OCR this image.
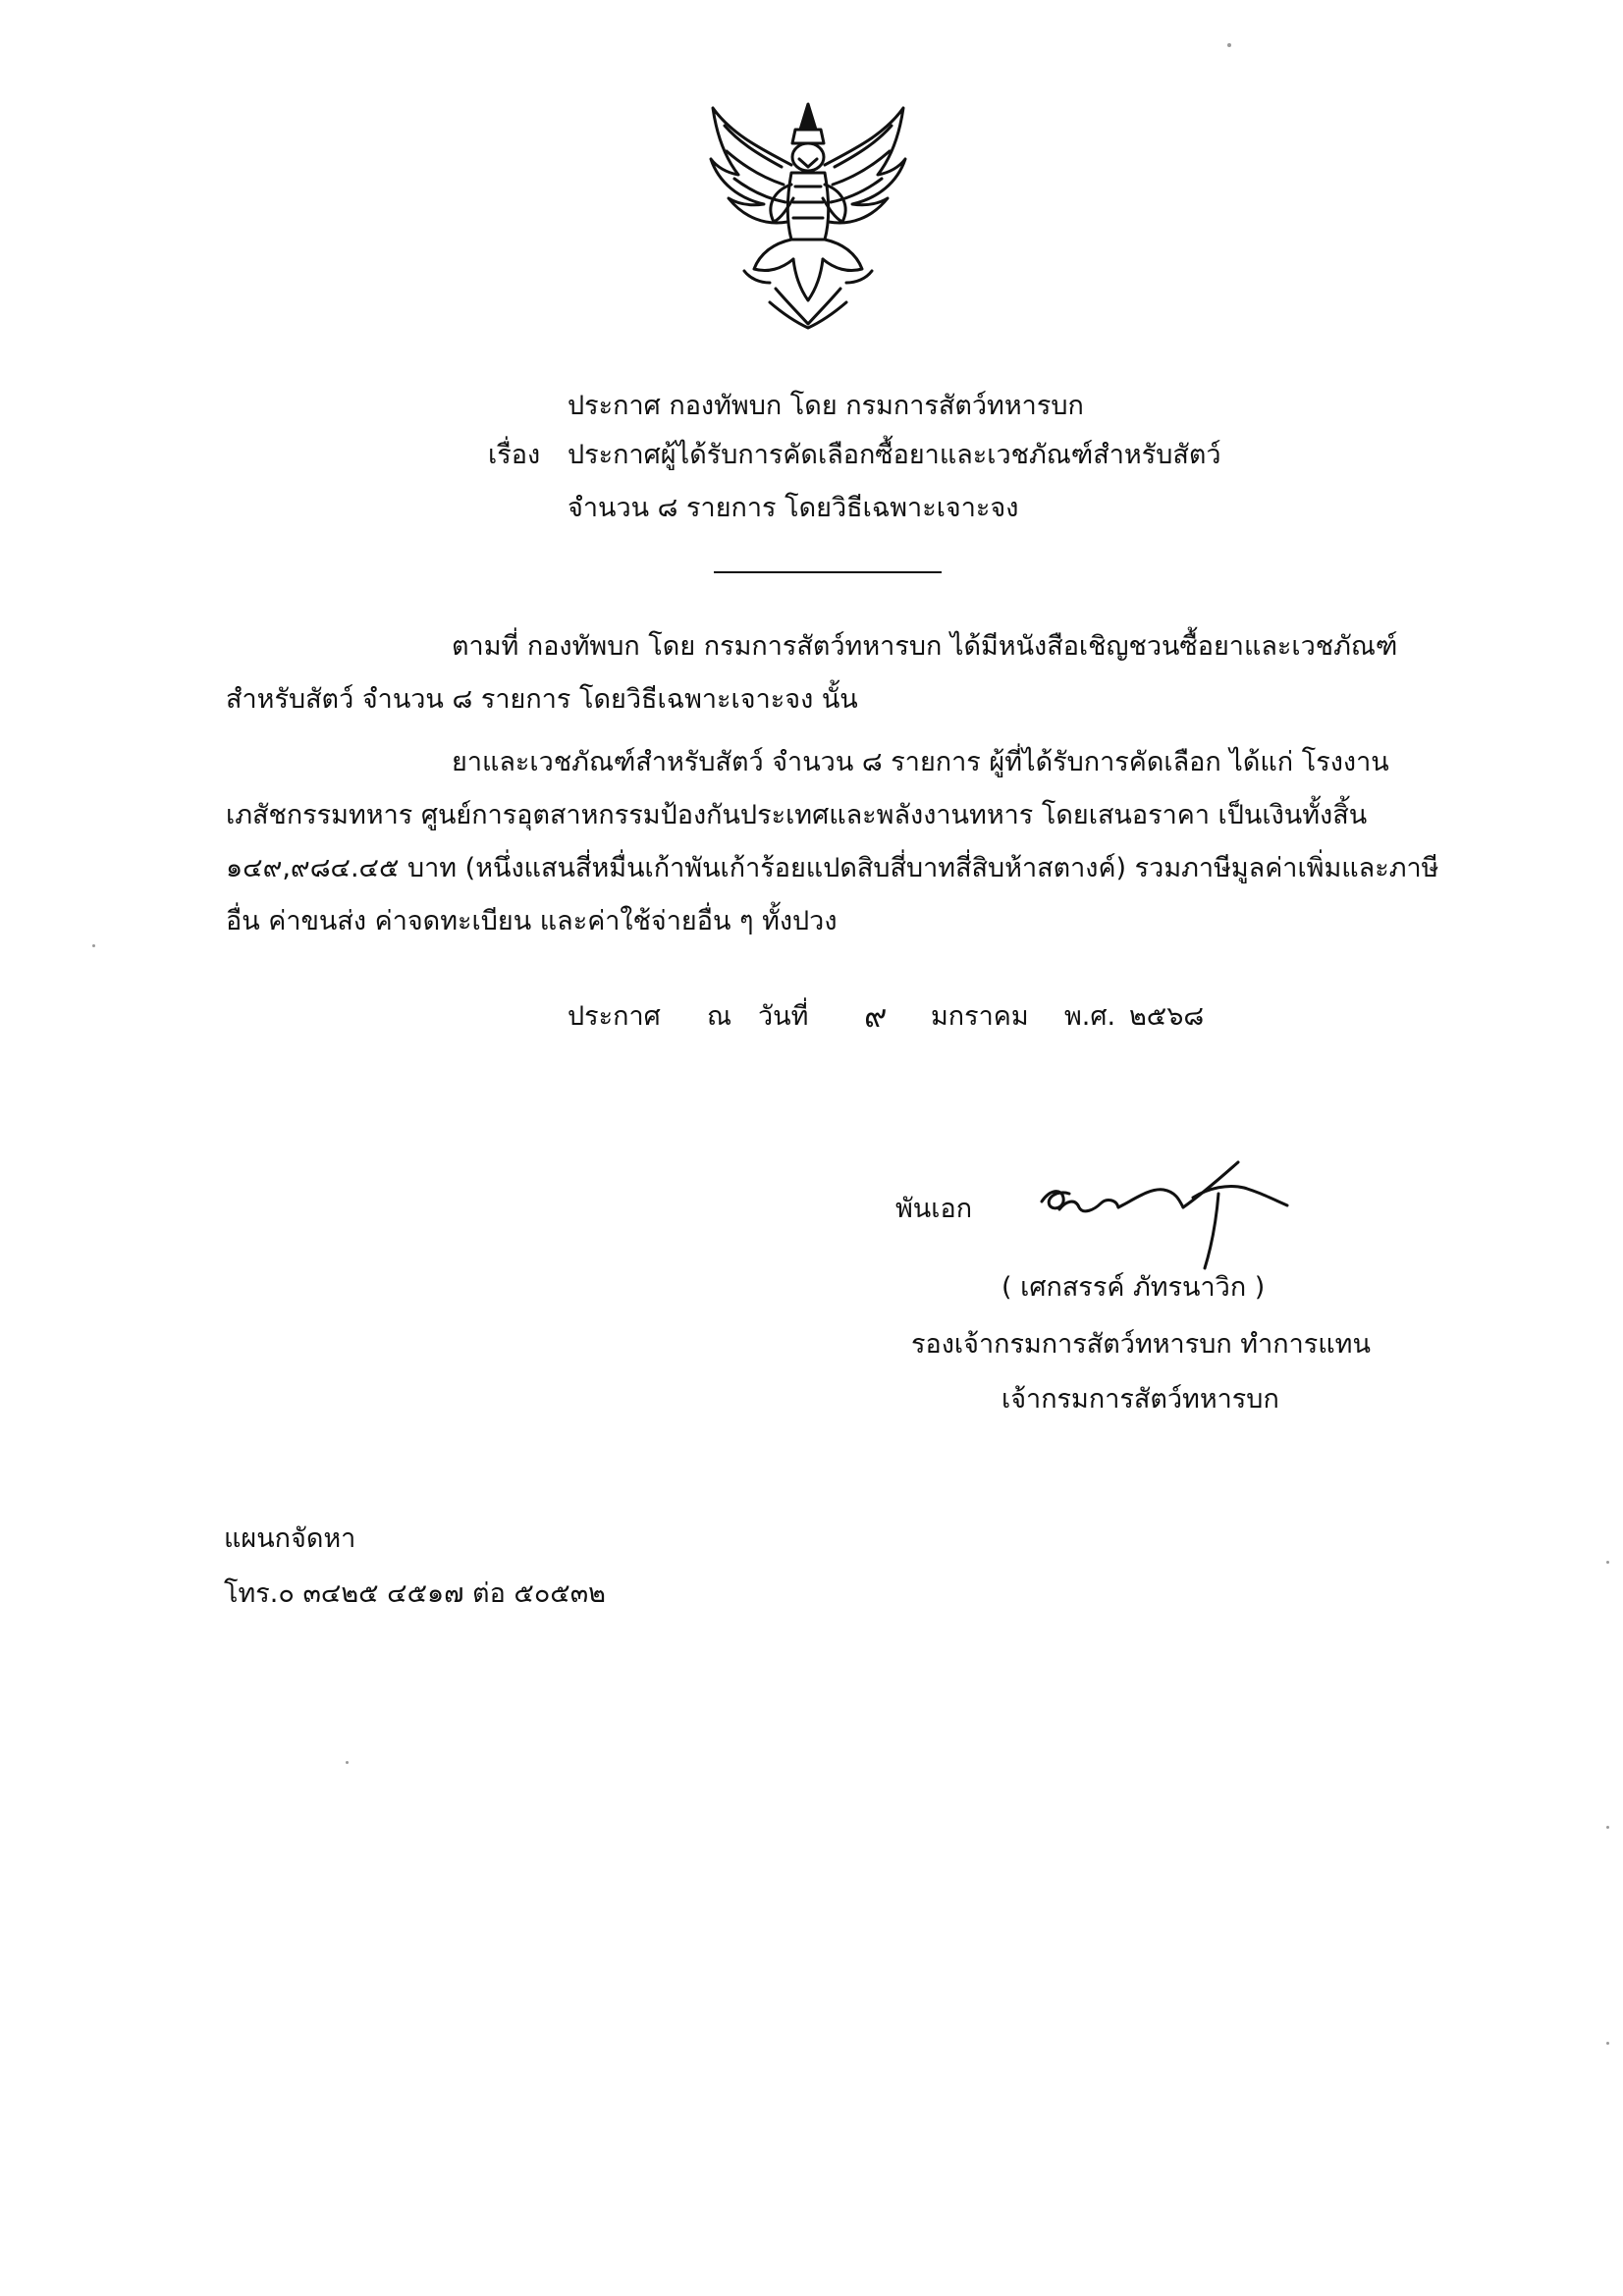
ประกาศ กองทัพบก โดย กรมการสัตว์ทหารบก
เรื่อง ประกาศผู้ได้รับการคัดเลือกซื้อยาและเวชภัณฑ์สำหรับสัตว์
จำนวน ๘ รายการ โดยวิธีเฉพาะเจาะจง

ตามที่ กองทัพบก โดย กรมการสัตว์ทหารบก ได้มีหนังสือเชิญชวนซื้อยาและเวชภัณฑ์ สำหรับสัตว์ จำนวน ๘ รายการ โดยวิธีเฉพาะเจาะจง นั้น

ยาและเวชภัณฑ์สำหรับสัตว์ จำนวน ๘ รายการ ผู้ที่ได้รับการคัดเลือก ได้แก่ โรงงานเภสัชกรรมทหาร ศูนย์การอุตสาหกรรมป้องกันประเทศและพลังงานทหาร โดยเสนอราคา เป็นเงินทั้งสิ้น ๑๔๙,๙๘๔.๔๕ บาท (หนึ่งแสนสี่หมื่นเก้าพันเก้าร้อยแปดสิบสี่บาทสี่สิบห้าสตางค์) รวมภาษีมูลค่าเพิ่มและภาษีอื่น ค่าขนส่ง ค่าจดทะเบียน และค่าใช้จ่ายอื่น ๆ ทั้งปวง

ประกาศ ณ วันที่ ๙ มกราคม พ.ศ. ๒๕๖๘
พันเอก
( เศกสรรค์ ภัทรนาวิก )
รองเจ้ากรมการสัตว์ทหารบก ทำการแทน
เจ้ากรมการสัตว์ทหารบก
แผนกจัดหา
โทร.๐ ๓๔๒๕ ๔๕๑๗ ต่อ ๕๐๕๓๒
